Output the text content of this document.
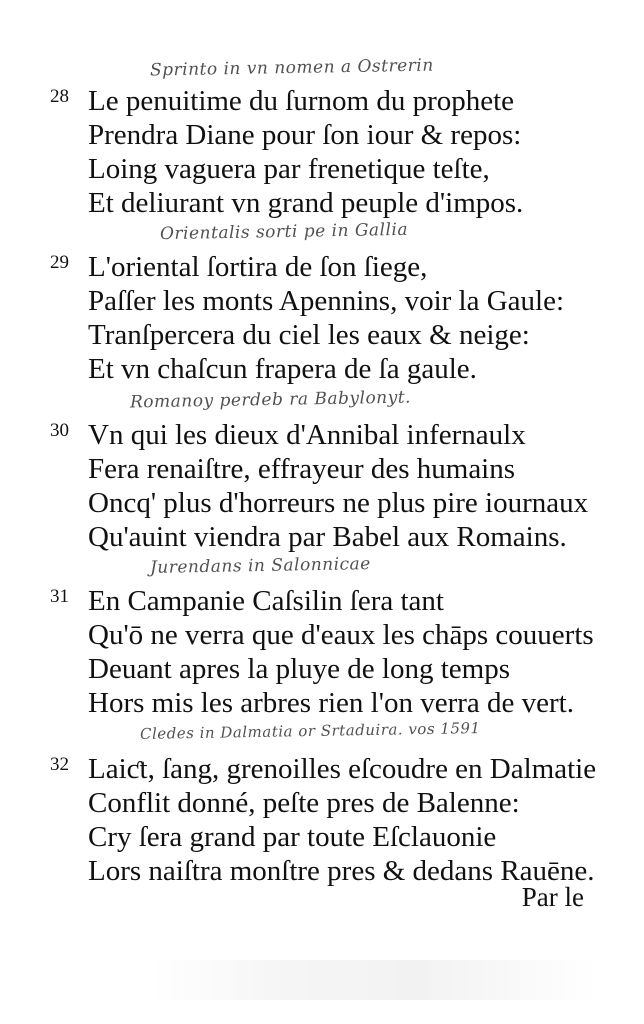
Sprinto in vn nomen a Ostrerin
28 Le penuitime du ſurnom du prophete
Prendra Diane pour ſon iour & repos:
Loing vaguera par frenetique teſte,
Et deliurant vn grand peuple d'impos.
Orientalis sorti pe in Gallia
29 L'oriental ſortira de ſon ſiege,
Paſſer les monts Apennins, voir la Gaule:
Tranſpercera du ciel les eaux & neige:
Et vn chaſcun frapera de ſa gaule.
Romanoy perdeb ra Babylonyt.
30 Vn qui les dieux d'Annibal infernaulx
Fera renaiſtre, effrayeur des humains
Oncq' plus d'horreurs ne plus pire iournaux
Qu'auint viendra par Babel aux Romains.
Jurendans in Salonnicae
31 En Campanie Caſsilin ſera tant
Qu'ō ne verra que d'eaux les chāps couuerts
Deuant apres la pluye de long temps
Hors mis les arbres rien l'on verra de vert.
Cledes in Dalmatia or Srtaduira. vos 1591
32 Laiƈt, ſang, grenoilles eſcoudre en Dalmatie
Conflit donné, peſte pres de Balenne:
Cry ſera grand par toute Eſclauonie
Lors naiſtra monſtre pres & dedans Rauēne.
Par le
